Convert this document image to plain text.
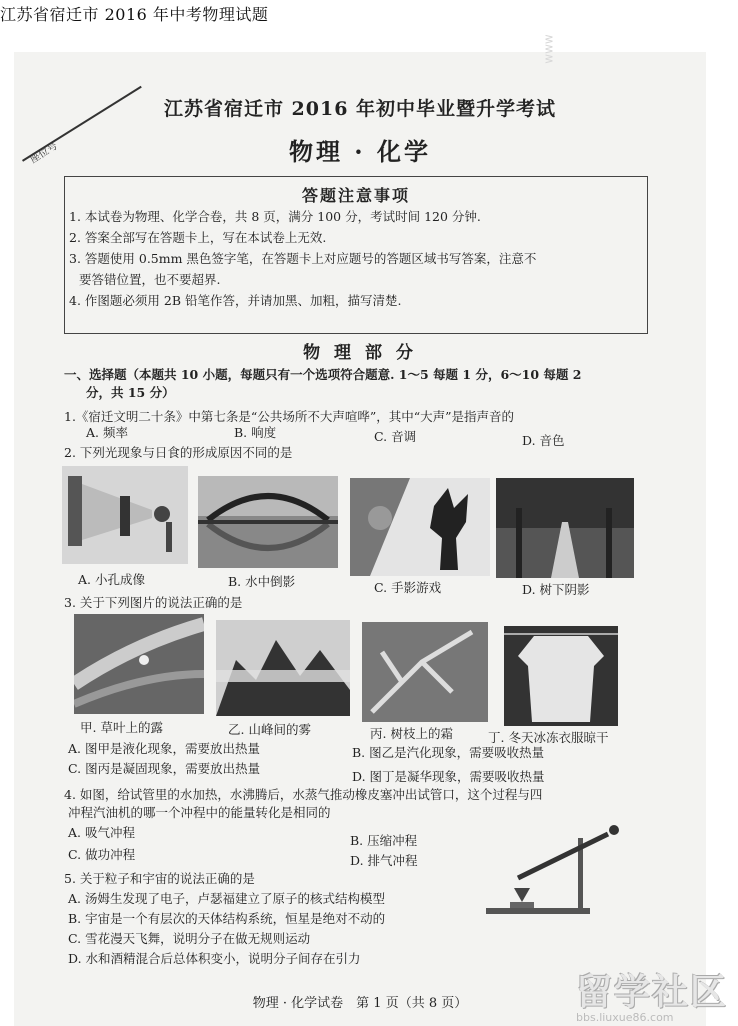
江苏省宿迁市 2016 年中考物理试题
www
座位号
江苏省宿迁市 2016 年初中毕业暨升学考试
物理 · 化学
答题注意事项
1. 本试卷为物理、化学合卷，共 8 页，满分 100 分，考试时间 120 分钟.
2. 答案全部写在答题卡上，写在本试卷上无效.
3. 答题使用 0.5mm 黑色签字笔，在答题卡上对应题号的答题区域书写答案，注意不
要答错位置，也不要超界.
4. 作图题必须用 2B 铅笔作答，并请加黑、加粗，描写清楚.
物 理 部 分
一、选择题（本题共 10 小题，每题只有一个选项符合题意. 1～5 每题 1 分，6～10 每题 2
分，共 15 分）
1.《宿迁文明二十条》中第七条是“公共场所不大声喧哗”，其中“大声”是指声音的
A. 频率	B. 响度	C. 音调	D. 音色
2. 下列光现象与日食的形成原因不同的是
A. 小孔成像	B. 水中倒影	C. 手影游戏	D. 树下阴影
3. 关于下列图片的说法正确的是
甲. 草叶上的露	乙. 山峰间的雾	丙. 树枝上的霜	丁. 冬天冰冻衣服晾干
A. 图甲是液化现象，需要放出热量	B. 图乙是汽化现象，需要吸收热量
C. 图丙是凝固现象，需要放出热量
D. 图丁是凝华现象，需要吸收热量
4. 如图，给试管里的水加热，水沸腾后，水蒸气推动橡皮塞冲出试管口，这个过程与四
冲程汽油机的哪一个冲程中的能量转化是相同的
A. 吸气冲程
B. 压缩冲程
C. 做功冲程	D. 排气冲程
5. 关于粒子和宇宙的说法正确的是
A. 汤姆生发现了电子，卢瑟福建立了原子的核式结构模型
B. 宇宙是一个有层次的天体结构系统，恒星是绝对不动的
C. 雪花漫天飞舞，说明分子在做无规则运动
D. 水和酒精混合后总体积变小，说明分子间存在引力
物理 · 化学试卷　第 1 页（共 8 页）	留学社区
bbs.liuxue86.com
